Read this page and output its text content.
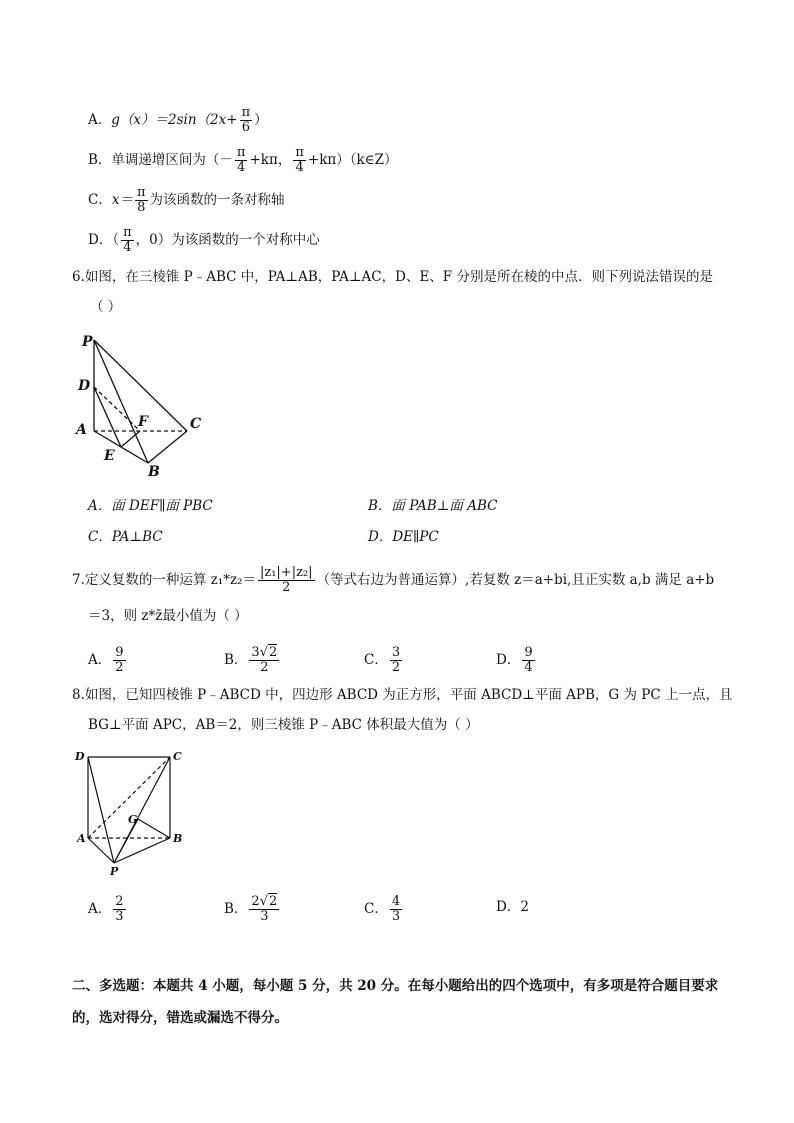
A．$g(x)=2\sin(2x+ \frac{\pi}{6}$ ）
B．单调递增区间为（－ $\frac{\pi}{4} +k\pi$， $\frac{\pi}{4}$ +kπ）（k∈Z）
C．$x= \frac{\pi}{8}$ 为该函数的一条对称轴
D．（ $\frac{\pi}{4}$ ，0）为该函数的一个对称中心
6.如图，在三棱锥 P﹣ABC 中，PA⊥AB，PA⊥AC，D、E、F 分别是所在棱的中点．则下列说法错误的是
（ ）
P
D
A
E
F
B
C
A．面 DEF∥面 PBC	B．面 PAB⊥面 ABC
C．PA⊥BC	D．DE∥PC
7.定义复数的一种运算 $z_1*z_2= \frac{\text{|z₁|+|z₂|}}{2}$ （等式右边为普通运算）,若复数 z＝a+bi,且正实数 a,b 满足 a+b
＝3，则 z*z̄最小值为（ ）
A． $\frac{9}{2}$	B． $\frac{3√2}{2}$	C． $\frac{3}{2}$	D． $\frac{9}{4}$
8.如图，已知四棱锥 P﹣ABCD 中，四边形 ABCD 为正方形，平面 ABCD⊥平面 APB，G 为 PC 上一点，且
BG⊥平面 APC，AB＝2，则三棱锥 P﹣ABC 体积最大值为（ ）
D	C
G
A	B
P
A． $\frac{2}{3}$	B． $\frac{2√2}{3}$	C． $\frac{4}{3}$	D．2
二、多选题：本题共 4 小题，每小题 5 分，共 20 分。在每小题给出的四个选项中，有多项是符合题目要求
的，选对得分，错选或漏选不得分。
